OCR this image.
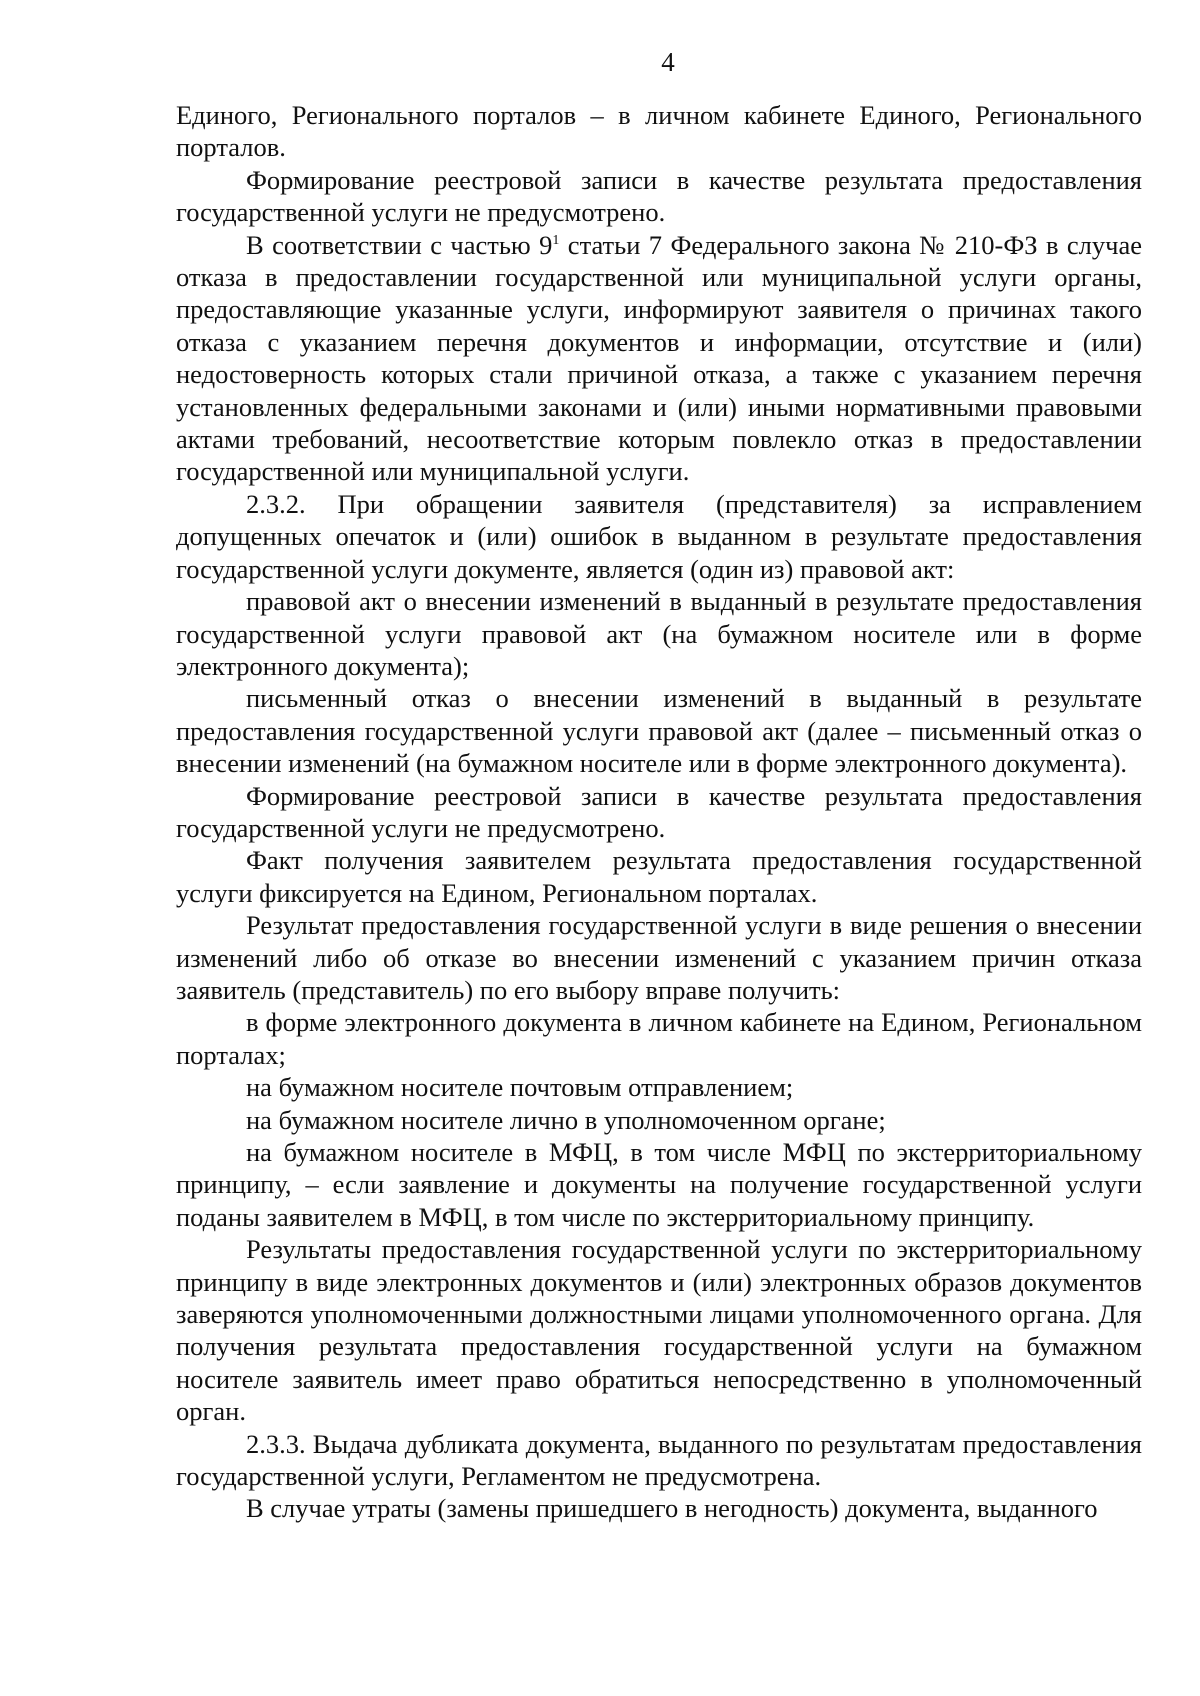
4

Единого, Регионального порталов – в личном кабинете Единого, Регионального порталов.

Формирование реестровой записи в качестве результата предоставления государственной услуги не предусмотрено.

В соответствии с частью $9^1$ статьи 7 Федерального закона № 210-ФЗ в случае отказа в предоставлении государственной или муниципальной услуги органы, предоставляющие указанные услуги, информируют заявителя о причинах такого отказа с указанием перечня документов и информации, отсутствие и (или) недостоверность которых стали причиной отказа, а также с указанием перечня установленных федеральными законами и (или) иными нормативными правовыми актами требований, несоответствие которым повлекло отказ в предоставлении государственной или муниципальной услуги.

2.3.2. При обращении заявителя (представителя) за исправлением допущенных опечаток и (или) ошибок в выданном в результате предоставления государственной услуги документе, является (один из) правовой акт:

правовой акт о внесении изменений в выданный в результате предоставления государственной услуги правовой акт (на бумажном носителе или в форме электронного документа);

письменный отказ о внесении изменений в выданный в результате предоставления государственной услуги правовой акт (далее – письменный отказ о внесении изменений (на бумажном носителе или в форме электронного документа).

Формирование реестровой записи в качестве результата предоставления государственной услуги не предусмотрено.

Факт получения заявителем результата предоставления государственной услуги фиксируется на Едином, Региональном порталах.

Результат предоставления государственной услуги в виде решения о внесении изменений либо об отказе во внесении изменений с указанием причин отказа заявитель (представитель) по его выбору вправе получить:

в форме электронного документа в личном кабинете на Едином, Региональном порталах;

на бумажном носителе почтовым отправлением;

на бумажном носителе лично в уполномоченном органе;

на бумажном носителе в МФЦ, в том числе МФЦ по экстерриториальному принципу, – если заявление и документы на получение государственной услуги поданы заявителем в МФЦ, в том числе по экстерриториальному принципу.

Результаты предоставления государственной услуги по экстерриториальному принципу в виде электронных документов и (или) электронных образов документов заверяются уполномоченными должностными лицами уполномоченного органа. Для получения результата предоставления государственной услуги на бумажном носителе заявитель имеет право обратиться непосредственно в уполномоченный орган.

2.3.3. Выдача дубликата документа, выданного по результатам предоставления государственной услуги, Регламентом не предусмотрена.

В случае утраты (замены пришедшего в негодность) документа, выданного
